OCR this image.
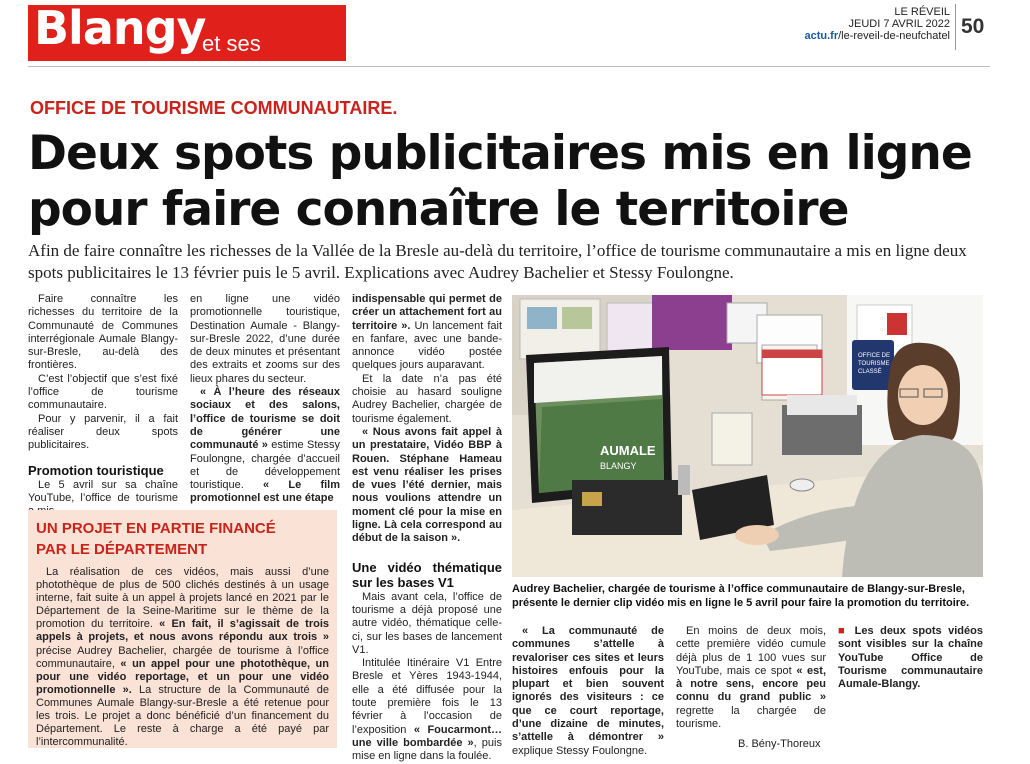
Blangy
et ses alentours
LE RÉVEIL
JEUDI 7 AVRIL 2022
actu.fr/le-reveil-de-neufchatel 50
OFFICE DE TOURISME COMMUNAUTAIRE.
Deux spots publicitaires mis en ligne
pour faire connaître le territoire
Afin de faire connaître les richesses de la Vallée de la Bresle au-delà du territoire, l’office de tourisme communautaire a mis en ligne deux spots publicitaires le 13 février puis le 5 avril. Explications avec Audrey Bachelier et Stessy Foulongne.

Faire connaître les richesses du territoire de la Communauté de Communes interrégionale Aumale Blangy-sur-Bresle, au-delà des frontières.

C’est l’objectif que s’est fixé l’office de tourisme communautaire.

Pour y parvenir, il a fait réaliser deux spots publicitaires.

Promotion touristique

Le 5 avril sur sa chaîne YouTube, l’office de tourisme

en ligne une vidéo promotionnelle touristique, Destination Aumale - Blangy-sur-Bresle 2022, d’une durée de deux minutes et présentant des extraits et zooms sur des lieux phares du secteur.

« À l’heure des réseaux sociaux et des salons, l’office de tourisme se doit de générer une communauté » estime Stessy Foulongne, chargée d’accueil et de développement touristique. « Le film promotionnel est une étape

indispensable qui permet de créer un attachement fort au territoire ». Un lancement fait en fanfare, avec une bande-annonce vidéo postée quelques jours auparavant.

Et la date n’a pas été choisie au hasard souligne Audrey Bachelier, chargée de tourisme également.

« Nous avons fait appel à un prestataire, Vidéo BBP à Rouen. Stéphane Hameau est venu réaliser les prises de vues l’été dernier, mais nous voulions attendre un moment clé pour la mise en ligne. Là cela correspond au début de la saison ».

Une vidéo thématique sur les bases V1

Mais avant cela, l’office de tourisme a déjà proposé une autre vidéo, thématique celle-ci, sur les bases de lancement V1.

Intitulée Itinéraire V1 Entre Bresle et Yères 1943-1944, elle a été diffusée pour la toute première fois le 13 février à l’occasion de l’exposition « Foucarmont… une ville bombardée », puis mise en ligne dans la foulée.

UN PROJET EN PARTIE FINANCÉ
PAR LE DÉPARTEMENT

La réalisation de ces vidéos, mais aussi d’une photothèque de plus de 500 clichés destinés à un usage interne, fait suite à un appel à projets lancé en 2021 par le Département de la Seine-Maritime sur le thème de la promotion du territoire. « En fait, il s’agissait de trois appels à projets, et nous avons répondu aux trois » précise Audrey Bachelier, chargée de tourisme à l’office communautaire, « un appel pour une photothèque, un pour une vidéo reportage, et un pour une vidéo promotionnelle ». La structure de la Communauté de Communes Aumale Blangy-sur-Bresle a été retenue pour les trois. Le projet a donc bénéficié d’un financement du Département. Le reste à charge a été payé par l’intercommunalité.

OFFICE DE
TOURISME
CLASSÉ
AUMALE
BLANGY
Audrey Bachelier, chargée de tourisme à l’office communautaire de Blangy-sur-Bresle, présente le dernier clip vidéo mis en ligne le 5 avril pour faire la promotion du territoire.

« La communauté de communes s’attelle à revaloriser ces sites et leurs histoires enfouis pour la plupart et bien souvent ignorés des visiteurs : ce que ce court reportage, d’une dizaine de minutes, s’attelle à démontrer » explique Stessy Foulongne.

En moins de deux mois, cette première vidéo cumule déjà plus de 1 100 vues sur YouTube, mais ce spot « est, à notre sens, encore peu connu du grand public » regrette la chargée de tourisme.

■ Les deux spots vidéos sont visibles sur la chaîne YouTube Office de Tourisme communautaire Aumale-Blangy.

B. Bény-Thoreux
